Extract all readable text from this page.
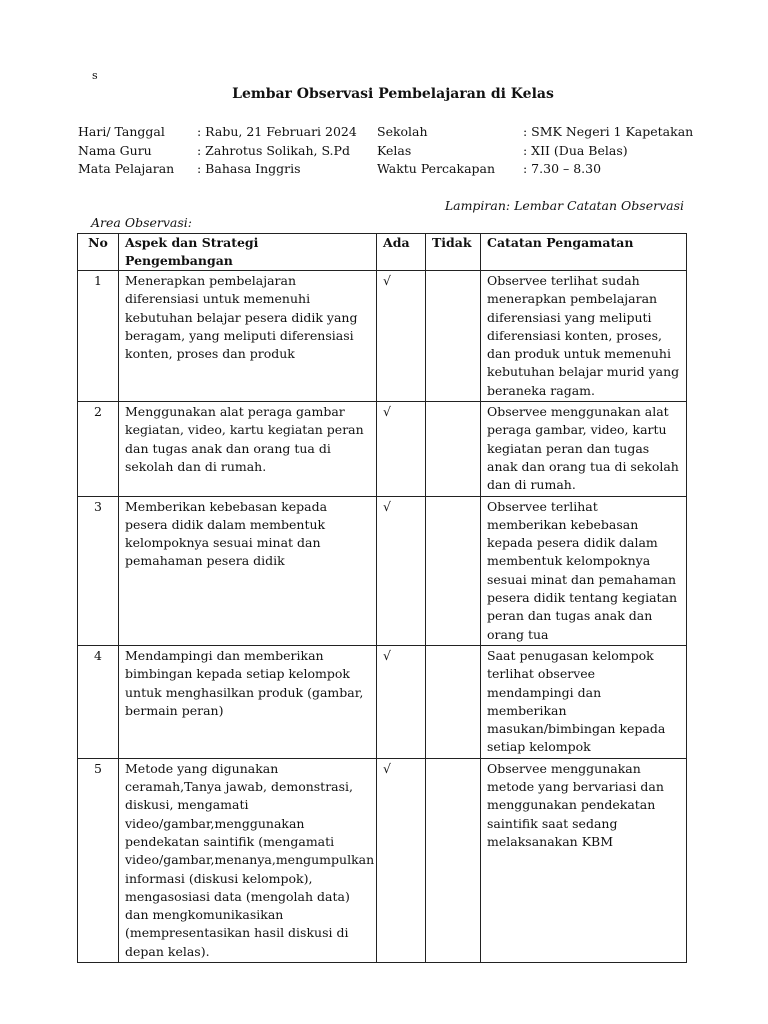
s
Lembar Observasi Pembelajaran di Kelas
Hari/ Tanggal	: Rabu, 21 Februari 2024 Sekolah	: SMK Negeri 1 Kapetakan
Nama Guru	: Zahrotus Solikah, S.Pd Kelas	: XII (Dua Belas)
Mata Pelajaran : Bahasa Inggris	Waktu Percakapan : 7.30 – 8.30
Lampiran: Lembar Catatan Observasi
Area Observasi:
No	Aspek dan Strategi Pengembangan	Ada	Tidak	Catatan Pengamatan
1	Menerapkan pembelajaran diferensiasi untuk memenuhi kebutuhan belajar pesera didik yang beragam, yang meliputi diferensiasi konten, proses dan produk	√		Observee terlihat sudah menerapkan pembelajaran diferensiasi yang meliputi diferensiasi konten, proses, dan produk untuk memenuhi kebutuhan belajar murid yang beraneka ragam.
2	Menggunakan alat peraga gambar kegiatan, video, kartu kegiatan peran dan tugas anak dan orang tua di sekolah dan di rumah.	√		Observee menggunakan alat peraga gambar, video, kartu kegiatan peran dan tugas anak dan orang tua di sekolah dan di rumah.
3	Memberikan kebebasan kepada pesera didik dalam membentuk kelompoknya sesuai minat dan pemahaman pesera didik	√		Observee terlihat memberikan kebebasan kepada pesera didik dalam membentuk kelompoknya sesuai minat dan pemahaman pesera didik tentang kegiatan peran dan tugas anak dan orang tua
4	Mendampingi dan memberikan bimbingan kepada setiap kelompok untuk menghasilkan produk (gambar, bermain peran)	√		Saat penugasan kelompok terlihat observee mendampingi dan memberikan masukan/bimbingan kepada setiap kelompok
5	Metode yang digunakan ceramah,Tanya jawab, demonstrasi, diskusi, mengamati video/gambar,menggunakan pendekatan saintifik (mengamati video/gambar,menanya,mengumpulkan informasi (diskusi kelompok), mengasosiasi data (mengolah data) dan mengkomunikasikan (mempresentasikan hasil diskusi di depan kelas).	√		Observee menggunakan metode yang bervariasi dan menggunakan pendekatan saintifik saat sedang melaksanakan KBM
